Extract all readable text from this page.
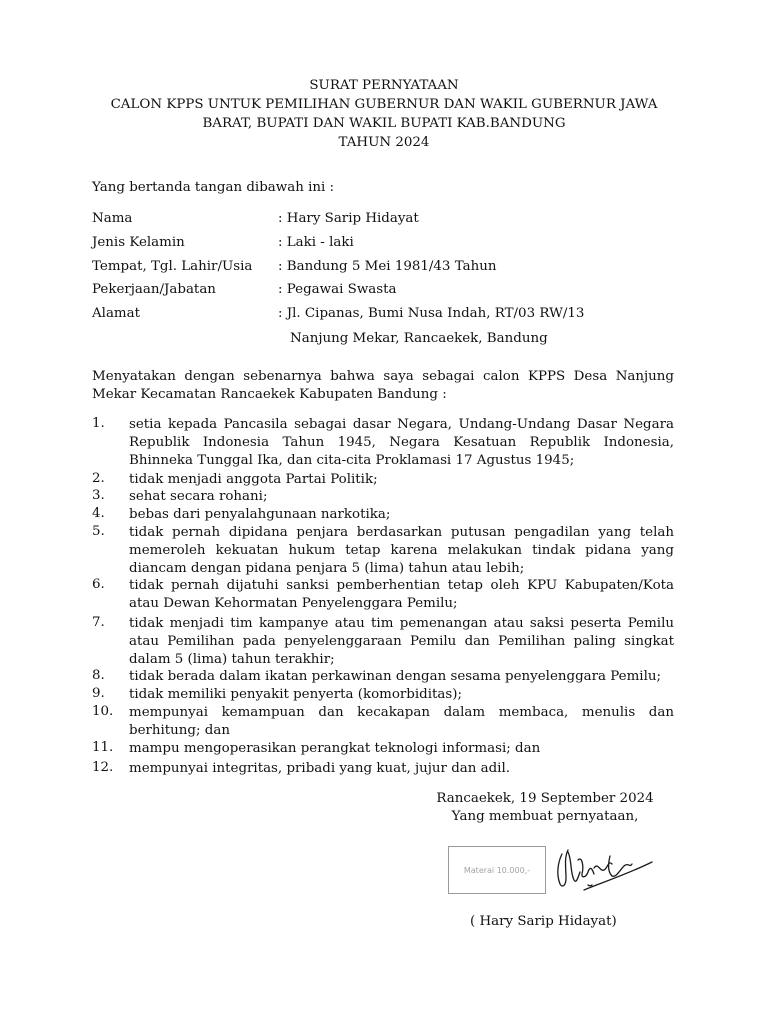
SURAT PERNYATAAN
CALON KPPS UNTUK PEMILIHAN GUBERNUR DAN WAKIL GUBERNUR JAWA
BARAT, BUPATI DAN WAKIL BUPATI KAB.BANDUNG
TAHUN 2024
Yang bertanda tangan dibawah ini :
Nama	: Hary Sarip Hidayat
Jenis Kelamin	: Laki - laki
Tempat, Tgl. Lahir/Usia : Bandung 5 Mei 1981/43 Tahun
Pekerjaan/Jabatan	: Pegawai Swasta
Alamat	: Jl. Cipanas, Bumi Nusa Indah, RT/03 RW/13
Nanjung Mekar, Rancaekek, Bandung
Menyatakan dengan sebenarnya bahwa saya sebagai calon KPPS Desa Nanjung
Mekar Kecamatan Rancaekek Kabupaten Bandung :
1. setia kepada Pancasila sebagai dasar Negara, Undang-Undang Dasar Negara
Republik Indonesia Tahun 1945, Negara Kesatuan Republik Indonesia,
Bhinneka Tunggal Ika, dan cita-cita Proklamasi 17 Agustus 1945;
2. tidak menjadi anggota Partai Politik;
3. sehat secara rohani;
4. bebas dari penyalahgunaan narkotika;
5. tidak pernah dipidana penjara berdasarkan putusan pengadilan yang telah
memeroleh kekuatan hukum tetap karena melakukan tindak pidana yang
diancam dengan pidana penjara 5 (lima) tahun atau lebih;
6. tidak pernah dijatuhi sanksi pemberhentian tetap oleh KPU Kabupaten/Kota
atau Dewan Kehormatan Penyelenggara Pemilu;
7. tidak menjadi tim kampanye atau tim pemenangan atau saksi peserta Pemilu
atau Pemilihan pada penyelenggaraan Pemilu dan Pemilihan paling singkat
dalam 5 (lima) tahun terakhir;
8. tidak berada dalam ikatan perkawinan dengan sesama penyelenggara Pemilu;
9. tidak memiliki penyakit penyerta (komorbiditas);
10. mempunyai kemampuan dan kecakapan dalam membaca, menulis dan
berhitung; dan
11. mampu mengoperasikan perangkat teknologi informasi; dan
12. mempunyai integritas, pribadi yang kuat, jujur dan adil.
Rancaekek, 19 September 2024
Yang membuat pernyataan,
Materai 10.000,-
( Hary Sarip Hidayat)
